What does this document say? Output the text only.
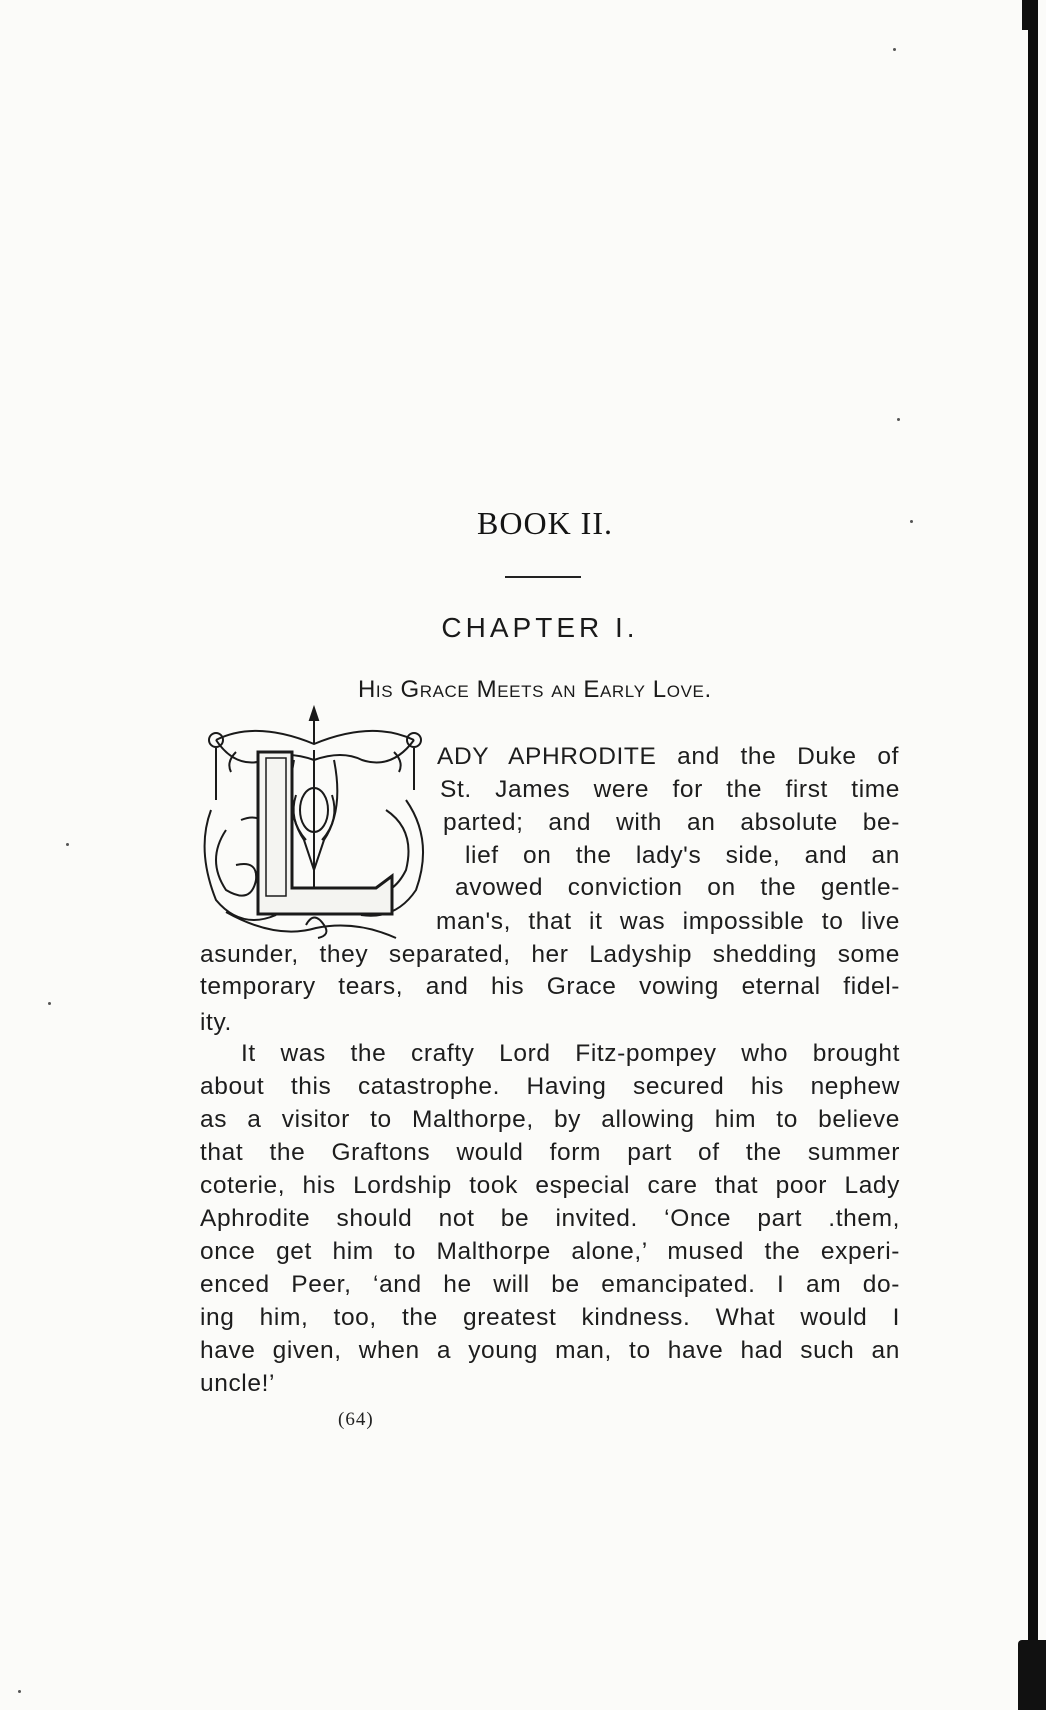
BOOK II.
CHAPTER I.
His Grace Meets an Early Love.
ADY APHRODITE and the Duke of
St. James were for the first time
parted; and with an absolute be-
lief on the lady's side, and an
avowed conviction on the gentle-
man's, that it was impossible to live
asunder, they separated, her Ladyship shedding some
temporary tears, and his Grace vowing eternal fidel-
ity.
It was the crafty Lord Fitz-pompey who brought
about this catastrophe. Having secured his nephew
as a visitor to Malthorpe, by allowing him to believe
that the Graftons would form part of the summer
coterie, his Lordship took especial care that poor Lady
Aphrodite should not be invited. ‘Once part .them,
once get him to Malthorpe alone,’ mused the experi-
enced Peer, ‘and he will be emancipated. I am do-
ing him, too, the greatest kindness. What would I
have given, when a young man, to have had such an
uncle!’
(64)
